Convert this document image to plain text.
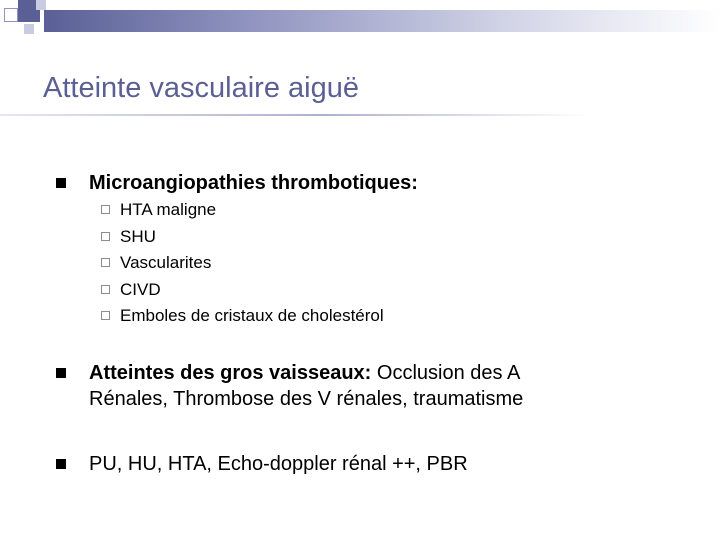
Atteinte vasculaire aiguë
Microangiopathies thrombotiques:
HTA maligne
SHU
Vascularites
CIVD
Emboles de cristaux de cholestérol
Atteintes des gros vaisseaux: Occlusion des A
Rénales, Thrombose des V rénales, traumatisme
PU, HU, HTA, Echo-doppler rénal ++, PBR
